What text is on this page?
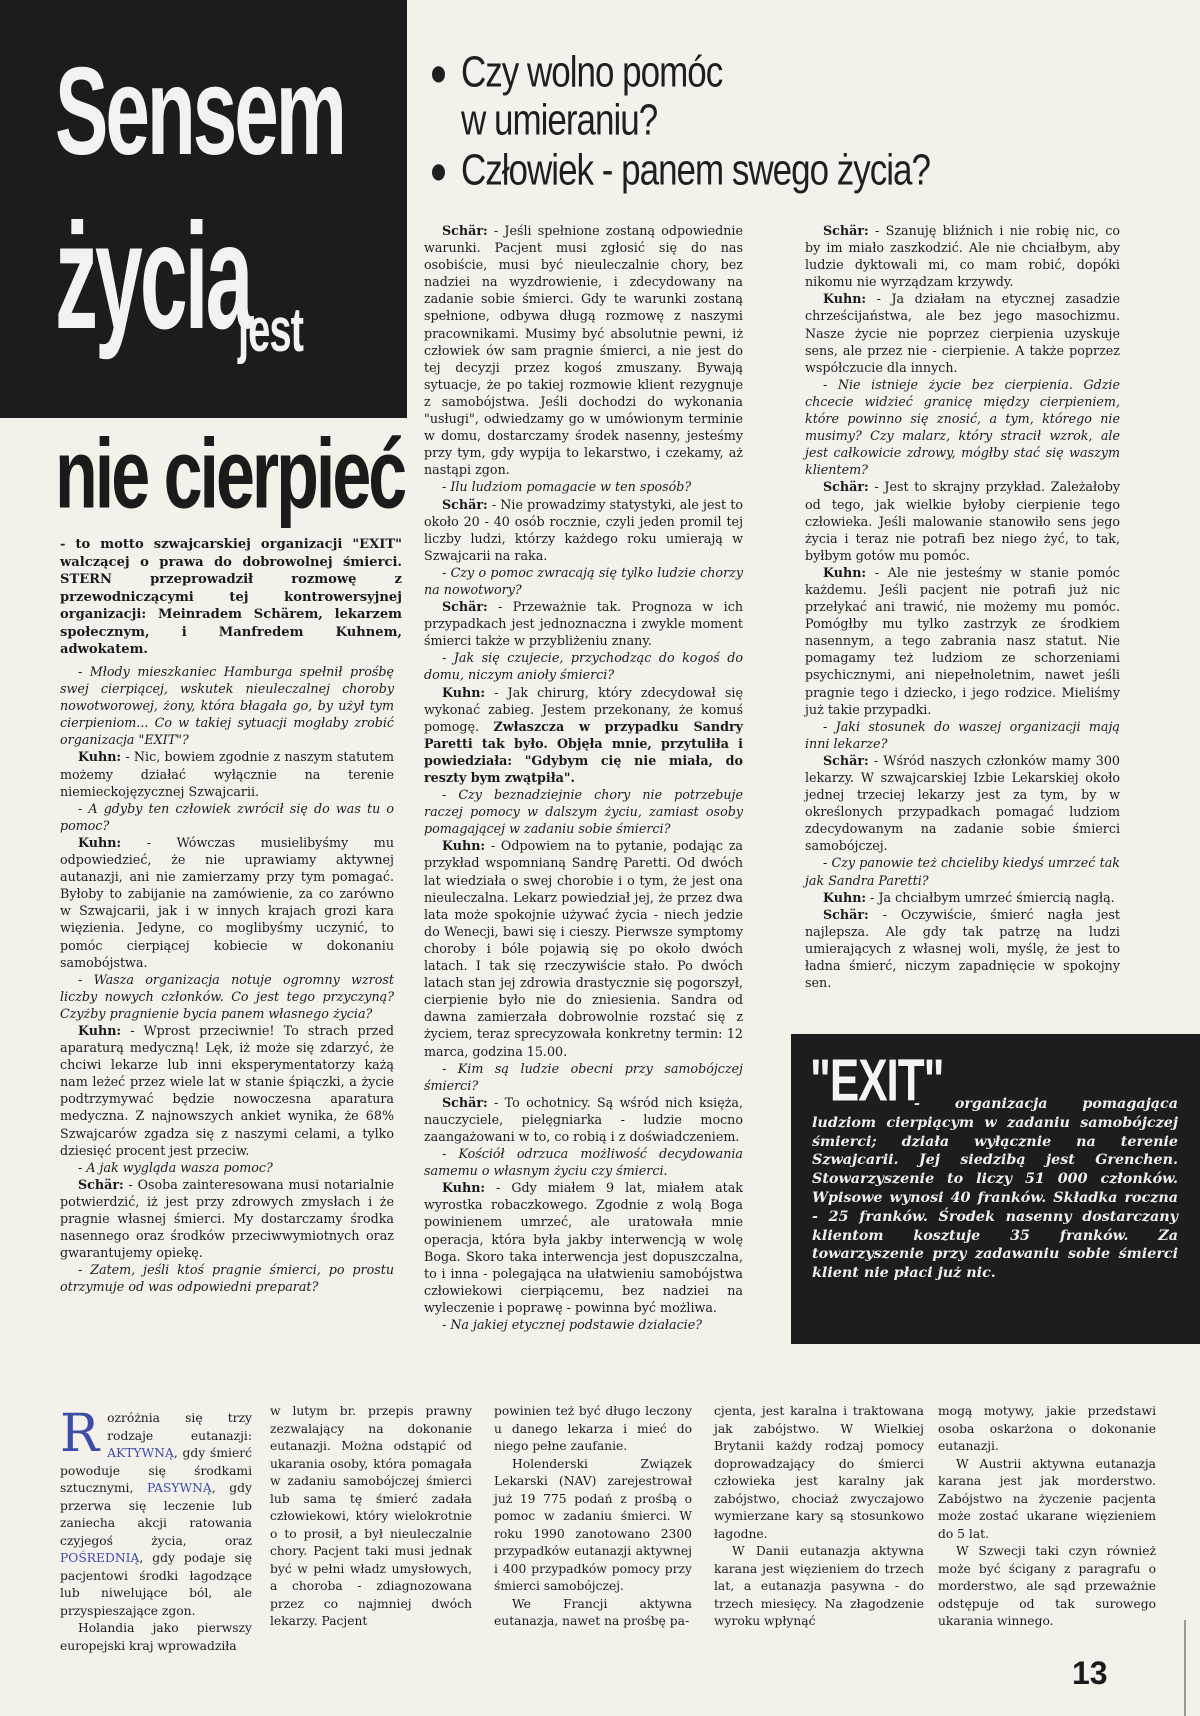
Sensem
życia
jest
nie cierpieć
Czy wolno pomóc
w umieraniu?
Człowiek - panem swego życia?
- to motto szwajcarskiej organizacji "EXIT" walczącej o prawa do dobrowolnej śmierci. STERN przeprowadził rozmowę z przewodniczącymi tej kontrowersyjnej organizacji: Meinradem Schärem, lekarzem społecznym, i Manfredem Kuhnem, adwokatem.

- Młody mieszkaniec Hamburga spełnił prośbę swej cierpiącej, wskutek nieuleczalnej choroby nowotworowej, żony, która błagała go, by użył tym cierpieniom... Co w takiej sytuacji mogłaby zrobić organizacja "EXIT"?

Kuhn: - Nic, bowiem zgodnie z naszym statutem możemy działać wyłącznie na terenie niemieckojęzycznej Szwajcarii.

- A gdyby ten człowiek zwrócił się do was tu o pomoc?

Kuhn: - Wówczas musielibyśmy mu odpowiedzieć, że nie uprawiamy aktywnej autanazji, ani nie zamierzamy przy tym pomagać. Byłoby to zabijanie na zamówienie, za co zarówno w Szwajcarii, jak i w innych krajach grozi kara więzienia. Jedyne, co moglibyśmy uczynić, to pomóc cierpiącej kobiecie w dokonaniu samobójstwa.

- Wasza organizacja notuje ogromny wzrost liczby nowych członków. Co jest tego przyczyną? Czyżby pragnienie bycia panem własnego życia?

Kuhn: - Wprost przeciwnie! To strach przed aparaturą medyczną! Lęk, iż może się zdarzyć, że chciwi lekarze lub inni eksperymentatorzy każą nam leżeć przez wiele lat w stanie śpiączki, a życie podtrzymywać będzie nowoczesna aparatura medyczna. Z najnowszych ankiet wynika, że 68% Szwajcarów zgadza się z naszymi celami, a tylko dziesięć procent jest przeciw.

- A jak wygląda wasza pomoc?

Schär: - Osoba zainteresowana musi notarialnie potwierdzić, iż jest przy zdrowych zmysłach i że pragnie własnej śmierci. My dostarczamy środka nasennego oraz środków przeciwwymiotnych oraz gwarantujemy opiekę.

- Zatem, jeśli ktoś pragnie śmierci, po prostu otrzymuje od was odpowiedni preparat?

Schär: - Jeśli spełnione zostaną odpowiednie warunki. Pacjent musi zgłosić się do nas osobiście, musi być nieuleczalnie chory, bez nadziei na wyzdrowienie, i zdecydowany na zadanie sobie śmierci. Gdy te warunki zostaną spełnione, odbywa długą rozmowę z naszymi pracownikami. Musimy być absolutnie pewni, iż człowiek ów sam pragnie śmierci, a nie jest do tej decyzji przez kogoś zmuszany. Bywają sytuacje, że po takiej rozmowie klient rezygnuje z samobójstwa. Jeśli dochodzi do wykonania "usługi", odwiedzamy go w umówionym terminie w domu, dostarczamy środek nasenny, jesteśmy przy tym, gdy wypija to lekarstwo, i czekamy, aż nastąpi zgon.

- Ilu ludziom pomagacie w ten sposób?

Schär: - Nie prowadzimy statystyki, ale jest to około 20 - 40 osób rocznie, czyli jeden promil tej liczby ludzi, którzy każdego roku umierają w Szwajcarii na raka.

- Czy o pomoc zwracają się tylko ludzie chorzy na nowotwory?

Schär: - Przeważnie tak. Prognoza w ich przypadkach jest jednoznaczna i zwykle moment śmierci także w przybliżeniu znany.

- Jak się czujecie, przychodząc do kogoś do domu, niczym anioły śmierci?

Kuhn: - Jak chirurg, który zdecydował się wykonać zabieg. Jestem przekonany, że komuś pomogę. Zwłaszcza w przypadku Sandry Paretti tak było. Objęła mnie, przytuliła i powiedziała: "Gdybym cię nie miała, do reszty bym zwątpiła".

- Czy beznadziejnie chory nie potrzebuje raczej pomocy w dalszym życiu, zamiast osoby pomagającej w zadaniu sobie śmierci?

Kuhn: - Odpowiem na to pytanie, podając za przykład wspomnianą Sandrę Paretti. Od dwóch lat wiedziała o swej chorobie i o tym, że jest ona nieuleczalna. Lekarz powiedział jej, że przez dwa lata może spokojnie używać życia - niech jedzie do Wenecji, bawi się i cieszy. Pierwsze symptomy choroby i bóle pojawią się po około dwóch latach. I tak się rzeczywiście stało. Po dwóch latach stan jej zdrowia drastycznie się pogorszył, cierpienie było nie do zniesienia. Sandra od dawna zamierzała dobrowolnie rozstać się z życiem, teraz sprecyzowała konkretny termin: 12 marca, godzina 15.00.

- Kim są ludzie obecni przy samobójczej śmierci?

Schär: - To ochotnicy. Są wśród nich księża, nauczyciele, pielęgniarka - ludzie mocno zaangażowani w to, co robią i z doświadczeniem.

- Kościół odrzuca możliwość decydowania samemu o własnym życiu czy śmierci.

Kuhn: - Gdy miałem 9 lat, miałem atak wyrostka robaczkowego. Zgodnie z wolą Boga powinienem umrzeć, ale uratowała mnie operacja, która była jakby interwencją w wolę Boga. Skoro taka interwencja jest dopuszczalna, to i inna - polegająca na ułatwieniu samobójstwa człowiekowi cierpiącemu, bez nadziei na wyleczenie i poprawę - powinna być możliwa.

- Na jakiej etycznej podstawie działacie?

Schär: - Szanuję bliźnich i nie robię nic, co by im miało zaszkodzić. Ale nie chciałbym, aby ludzie dyktowali mi, co mam robić, dopóki nikomu nie wyrządzam krzywdy.

Kuhn: - Ja działam na etycznej zasadzie chrześcijaństwa, ale bez jego masochizmu. Nasze życie nie poprzez cierpienia uzyskuje sens, ale przez nie - cierpienie. A także poprzez współczucie dla innych.

- Nie istnieje życie bez cierpienia. Gdzie chcecie widzieć granicę między cierpieniem, które powinno się znosić, a tym, którego nie musimy? Czy malarz, który stracił wzrok, ale jest całkowicie zdrowy, mógłby stać się waszym klientem?

Schär: - Jest to skrajny przykład. Zależałoby od tego, jak wielkie byłoby cierpienie tego człowieka. Jeśli malowanie stanowiło sens jego życia i teraz nie potrafi bez niego żyć, to tak, byłbym gotów mu pomóc.

Kuhn: - Ale nie jesteśmy w stanie pomóc każdemu. Jeśli pacjent nie potrafi już nic przełykać ani trawić, nie możemy mu pomóc. Pomógłby mu tylko zastrzyk ze środkiem nasennym, a tego zabrania nasz statut. Nie pomagamy też ludziom ze schorzeniami psychicznymi, ani niepełnoletnim, nawet jeśli pragnie tego i dziecko, i jego rodzice. Mieliśmy już takie przypadki.

- Jaki stosunek do waszej organizacji mają inni lekarze?

Schär: - Wśród naszych członków mamy 300 lekarzy. W szwajcarskiej Izbie Lekarskiej około jednej trzeciej lekarzy jest za tym, by w określonych przypadkach pomagać ludziom zdecydowanym na zadanie sobie śmierci samobójczej.

- Czy panowie też chcieliby kiedyś umrzeć tak jak Sandra Paretti?

Kuhn: - Ja chciałbym umrzeć śmiercią nagłą.

Schär: - Oczywiście, śmierć nagła jest najlepsza. Ale gdy tak patrzę na ludzi umierających z własnej woli, myślę, że jest to ładna śmierć, niczym zapadnięcie w spokojny sen.

"EXIT"
- organizacja pomagająca ludziom cierpiącym w zadaniu samobójczej śmierci; działa wyłącznie na terenie Szwajcarii. Jej siedzibą jest Grenchen. Stowarzyszenie to liczy 51 000 członków. Wpisowe wynosi 40 franków. Składka roczna - 25 franków. Środek nasenny dostarczany klientom kosztuje 35 franków. Za towarzyszenie przy zadawaniu sobie śmierci klient nie płaci już nic.

Rozróżnia się trzy rodzaje eutanazji: AKTYWNĄ, gdy śmierć powoduje się środkami sztucznymi, PASYWNĄ, gdy przerwa się leczenie lub zaniecha akcji ratowania czyjegoś życia, oraz POŚREDNIĄ, gdy podaje się pacjentowi środki łagodzące lub niwelujące ból, ale przyspieszające zgon.

Holandia jako pierwszy europejski kraj wprowadziła

w lutym br. przepis prawny zezwalający na dokonanie eutanazji. Można odstąpić od ukarania osoby, która pomagała w zadaniu samobójczej śmierci lub sama tę śmierć zadała człowiekowi, który wielokrotnie o to prosił, a był nieuleczalnie chory. Pacjent taki musi jednak być w pełni władz umysłowych, a choroba - zdiagnozowana przez co najmniej dwóch lekarzy. Pacjent

powinien też być długo leczony u danego lekarza i mieć do niego pełne zaufanie.

Holenderski Związek Lekarski (NAV) zarejestrował już 19 775 podań z prośbą o pomoc w zadaniu śmierci. W roku 1990 zanotowano 2300 przypadków eutanazji aktywnej i 400 przypadków pomocy przy śmierci samobójczej.

We Francji aktywna eutanazja, nawet na prośbę pa-

cjenta, jest karalna i traktowana jak zabójstwo. W Wielkiej Brytanii każdy rodzaj pomocy doprowadzający do śmierci człowieka jest karalny jak zabójstwo, chociaż zwyczajowo wymierzane kary są stosunkowo łagodne.

W Danii eutanazja aktywna karana jest więzieniem do trzech lat, a eutanazja pasywna - do trzech miesięcy. Na złagodzenie wyroku wpłynąć

mogą motywy, jakie przedstawi osoba oskarżona o dokonanie eutanazji.

W Austrii aktywna eutanazja karana jest jak morderstwo. Zabójstwo na życzenie pacjenta może zostać ukarane więzieniem do 5 lat.

W Szwecji taki czyn również może być ścigany z paragrafu o morderstwo, ale sąd przeważnie odstępuje od tak surowego ukarania winnego.

13
